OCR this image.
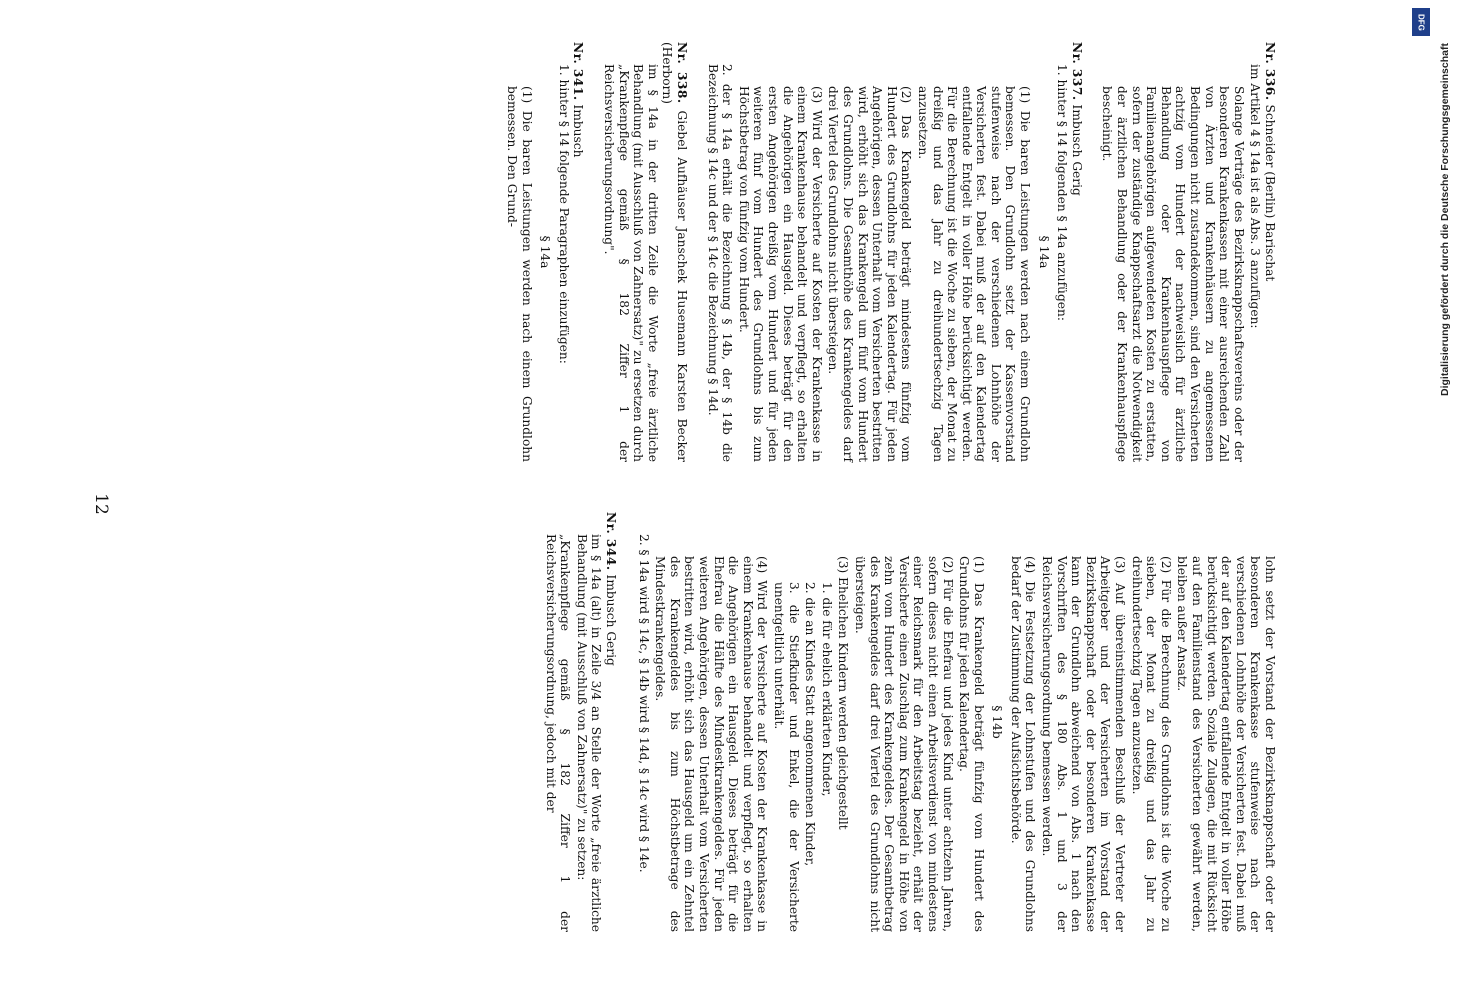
Nr. 336. Schneider (Berlin) Barischat
im Artikel 4 § 14a ist als Abs. 3 anzufügen:
Solange Verträge des Bezirksknappschaftsvereins oder der besonderen Krankenkassen mit einer ausreichenden Zahl von Ärzten und Krankenhäusern zu angemessenen Bedingungen nicht zustandekommen, sind den Versicherten achtzig vom Hundert der nachweislich für ärztliche Behandlung oder Krankenhauspflege von Familienangehörigen aufgewendeten Kosten zu erstatten, sofern der zuständige Knappschaftsarzt die Notwendigkeit der ärztlichen Behandlung oder der Krankenhauspflege bescheinigt.
Nr. 337. Imbusch Gerig
1. hinter § 14 folgenden § 14a anzufügen:
§ 14a
(1) Die baren Leistungen werden nach einem Grundlohn bemessen. Den Grundlohn setzt der Kassenvorstand stufenweise nach der verschiedenen Lohnhöhe der Versicherten fest. Dabei muß der auf den Kalendertag entfallende Entgelt in voller Höhe berücksichtigt werden. Für die Berechnung ist die Woche zu sieben, der Monat zu dreißig und das Jahr zu dreihundertsechzig Tagen anzusetzen.
(2) Das Krankengeld beträgt mindestens fünfzig vom Hundert des Grundlohns für jeden Kalendertag. Für jeden Angehörigen, dessen Unterhalt vom Versicherten bestritten wird, erhöht sich das Krankengeld um fünf vom Hundert des Grundlohns. Die Gesamthöhe des Krankengeldes darf drei Viertel des Grundlohns nicht übersteigen.
(3) Wird der Versicherte auf Kosten der Krankenkasse in einem Krankenhause behandelt und verpflegt, so erhalten die Angehörigen ein Hausgeld. Dieses beträgt für den ersten Angehörigen dreißig vom Hundert und für jeden weiteren fünf vom Hundert des Grundlohns bis zum Höchstbetrag von fünfzig vom Hundert.
2. der § 14a erhält die Bezeichnung § 14b, der § 14b die Bezeichnung § 14c und der § 14c die Bezeichnung § 14d.
Nr. 338. Giebel Aufhäuser Janschek Husemann Karsten Becker (Herborn)
im § 14a in der dritten Zeile die Worte „freie ärztliche Behandlung (mit Ausschluß von Zahnersatz)" zu ersetzen durch „Krankenpflege gemäß § 182 Ziffer 1 der Reichsversicherungsordnung".
Nr. 341. Imbusch
1. hinter § 14 folgende Paragraphen einzufügen:
§ 14a
(1) Die baren Leistungen werden nach einem Grundlohn bemessen. Den Grund-
lohn setzt der Vorstand der Bezirksknappschaft oder der besonderen Krankenkasse stufenweise nach der verschiedenen Lohnhöhe der Versicherten fest. Dabei muß der auf den Kalendertag entfallende Entgelt in voller Höhe berücksichtigt werden. Soziale Zulagen, die mit Rücksicht auf den Familienstand des Versicherten gewährt werden, bleiben außer Ansatz.
(2) Für die Berechnung des Grundlohns ist die Woche zu sieben, der Monat zu dreißig und das Jahr zu dreihundertsechzig Tagen anzusetzen.
(3) Auf übereinstimmenden Beschluß der Vertreter der Arbeitgeber und der Versicherten im Vorstand der Bezirksknappschaft oder der besonderen Krankenkasse kann der Grundlohn abweichend von Abs. 1 nach den Vorschriften des § 180 Abs. 1 und 3 der Reichsversicherungsordnung bemessen werden.
(4) Die Festsetzung der Lohnstufen und des Grundlohns bedarf der Zustimmung der Aufsichtsbehörde.
§ 14b
(1) Das Krankengeld beträgt fünfzig vom Hundert des Grundlohns für jeden Kalendertag.
(2) Für die Ehefrau und jedes Kind unter achtzehn Jahren, sofern dieses nicht einen Arbeitsverdienst von mindestens einer Reichsmark für den Arbeitstag bezieht, erhält der Versicherte einen Zuschlag zum Krankengeld in Höhe von zehn vom Hundert des Krankengeldes. Der Gesamtbetrag des Krankengeldes darf drei Viertel des Grundlohns nicht übersteigen.
(3) Ehelichen Kindern werden gleichgestellt
1. die für ehelich erklärten Kinder,
2. die an Kindes Statt angenommenen Kinder,
3. die Stiefkinder und Enkel, die der Versicherte unentgeltlich unterhält.
(4) Wird der Versicherte auf Kosten der Krankenkasse in einem Krankenhause behandelt und verpflegt, so erhalten die Angehörigen ein Hausgeld. Dieses beträgt für die Ehefrau die Hälfte des Mindestkrankengeldes. Für jeden weiteren Angehörigen, dessen Unterhalt vom Versicherten bestritten wird, erhöht sich das Hausgeld um ein Zehntel des Krankengeldes bis zum Höchstbetrage des Mindestkrankengeldes.
2. § 14a wird § 14c, § 14b wird § 14d, § 14c wird § 14e.
Nr. 344. Imbusch Gerig
im § 14a (alt) in Zeile 3/4 an Stelle der Worte „freie ärztliche Behandlung (mit Ausschluß von Zahnersatz)" zu setzen:
„Krankenpflege gemäß § 182 Ziffer 1 der Reichsversicherungsordnung, jedoch mit der
12
Digitalisierung gefördert durch die Deutsche Forschungsgemeinschaft
DFG
